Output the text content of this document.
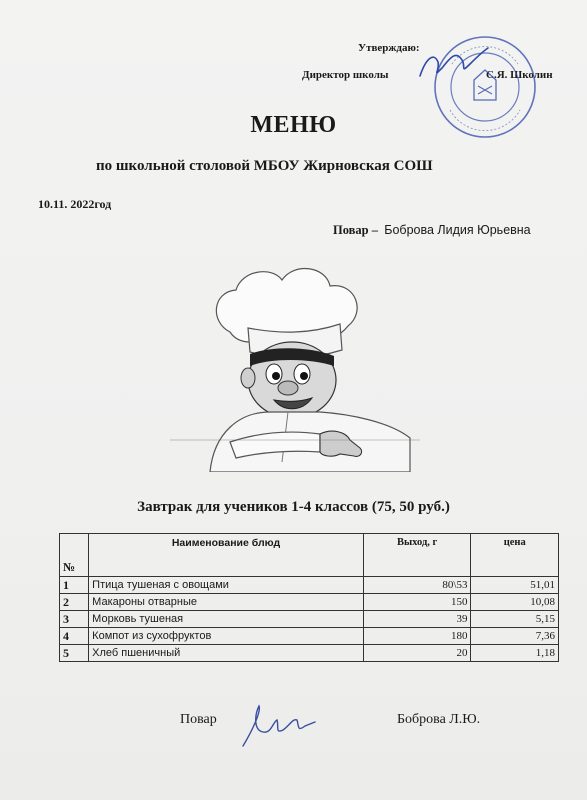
Утверждаю:
Директор школы	С.Я. Школин
МЕНЮ
по школьной столовой МБОУ Жирновская СОШ
10.11. 2022год
Повар – Боброва Лидия Юрьевна
Завтрак для учеников 1-4 классов (75, 50 руб.)
№	Наименование блюд	Выход, г	цена
1	Птица тушеная с овощами	80\53	51,01
2	Макароны отварные	150	10,08
3	Морковь тушеная	39	5,15
4	Компот из сухофруктов	180	7,36
5	Хлеб пшеничный	20	1,18
Повар	Боброва Л.Ю.
